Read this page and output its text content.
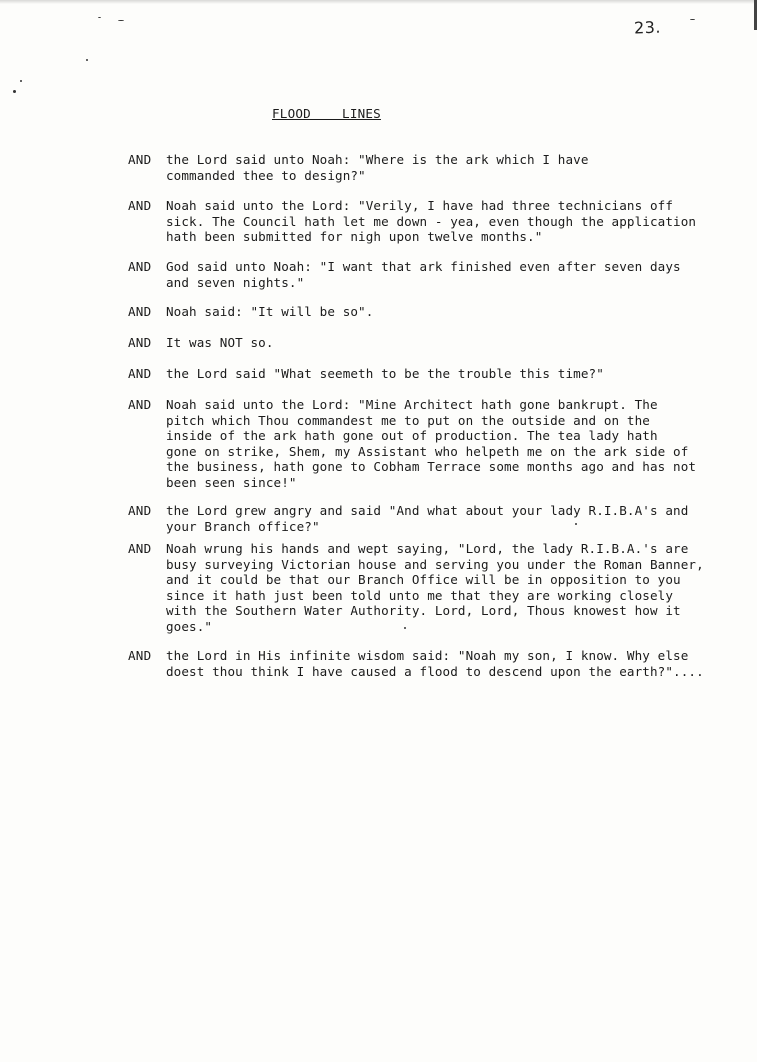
23.
FLOOD    LINES
AND the Lord said unto Noah: "Where is the ark which I have
commanded thee to design?"
AND Noah said unto the Lord: "Verily, I have had three technicians off
sick. The Council hath let me down - yea, even though the application
hath been submitted for nigh upon twelve months."
AND God said unto Noah: "I want that ark finished even after seven days
and seven nights."
AND Noah said: "It will be so".
AND It was NOT so.
AND the Lord said "What seemeth to be the trouble this time?"
AND Noah said unto the Lord: "Mine Architect hath gone bankrupt. The
pitch which Thou commandest me to put on the outside and on the
inside of the ark hath gone out of production. The tea lady hath
gone on strike, Shem, my Assistant who helpeth me on the ark side of
the business, hath gone to Cobham Terrace some months ago and has not
been seen since!"
AND the Lord grew angry and said "And what about your lady R.I.B.A's and
your Branch office?"
AND Noah wrung his hands and wept saying, "Lord, the lady R.I.B.A.'s are
busy surveying Victorian house and serving you under the Roman Banner,
and it could be that our Branch Office will be in opposition to you
since it hath just been told unto me that they are working closely
with the Southern Water Authority. Lord, Lord, Thous knowest how it
goes."
AND the Lord in His infinite wisdom said: "Noah my son, I know. Why else
doest thou think I have caused a flood to descend upon the earth?"....
